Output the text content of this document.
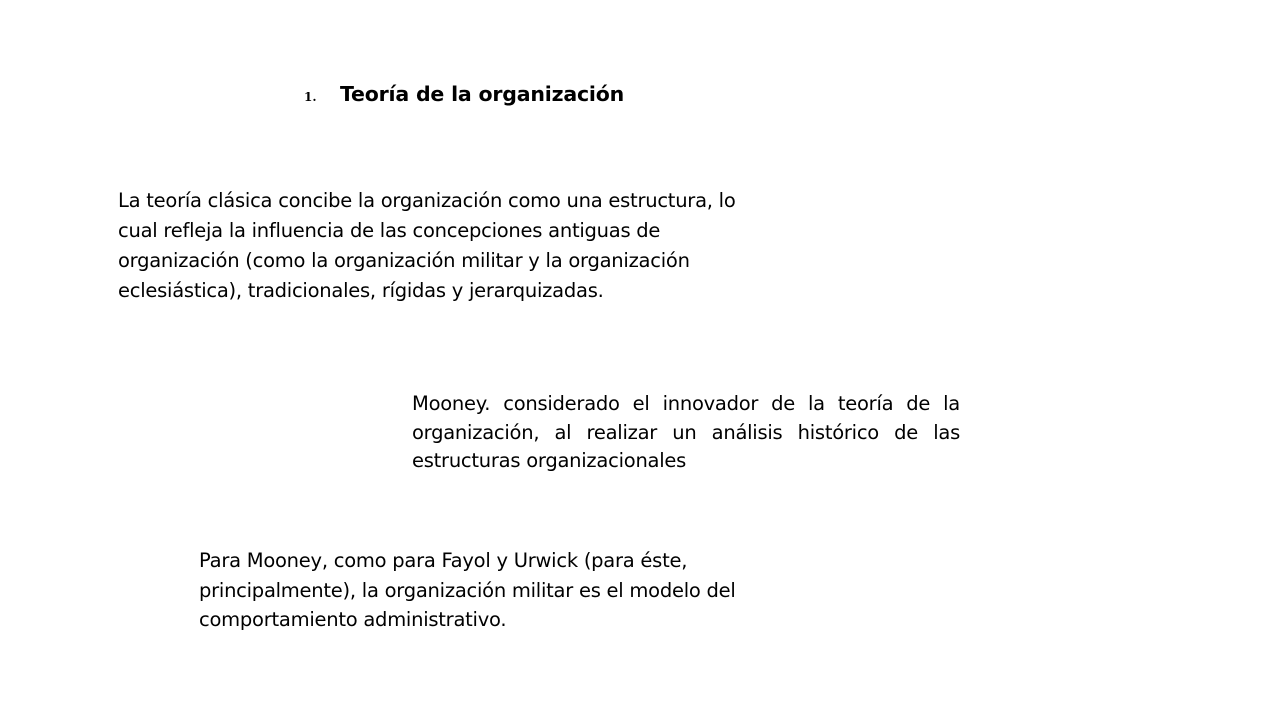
1.	Teoría de la organización
La teoría clásica concibe la organización como una estructura, lo cual refleja la influencia de las concepciones antiguas de organización (como la organización militar y la organización eclesiástica), tradicionales, rígidas y jerarquizadas.
Mooney. considerado el innovador de la teoría de la organización, al realizar un análisis histórico de las estructuras organizacionales
Para Mooney, como para Fayol y Urwick (para éste, principalmente), la organización militar es el modelo del comportamiento administrativo.
